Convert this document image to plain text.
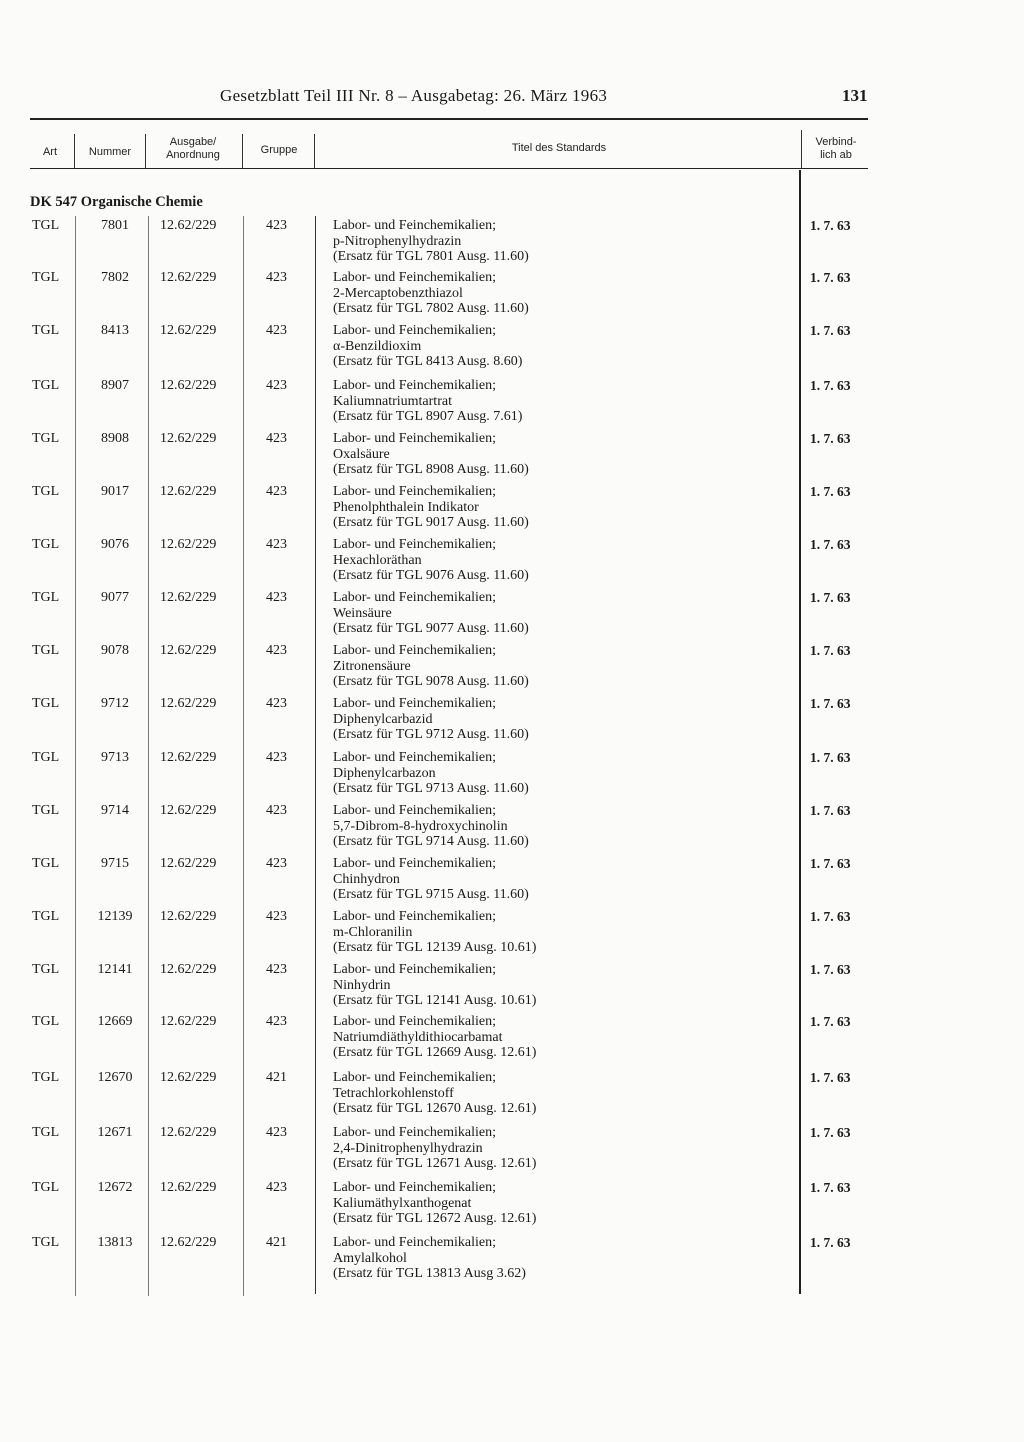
Gesetzblatt Teil III Nr. 8 – Ausgabetag: 26. März 1963	131
Art	Nummer
Ausgabe/
Anordnung	Gruppe	Titel des Standards	Verbind-
lich ab
DK 547 Organische Chemie
TGL	7801	12.62/229	423	Labor- und Feinchemikalien;
p-Nitrophenylhydrazin
(Ersatz für TGL 7801 Ausg. 11.60)
1. 7. 63
TGL	7802	12.62/229	423	Labor- und Feinchemikalien;
2-Mercaptobenzthiazol
(Ersatz für TGL 7802 Ausg. 11.60)
1. 7. 63
TGL	8413	12.62/229	423	Labor- und Feinchemikalien;
α-Benzildioxim
(Ersatz für TGL 8413 Ausg. 8.60)
1. 7. 63
TGL	8907	12.62/229	423	Labor- und Feinchemikalien;
Kaliumnatriumtartrat
(Ersatz für TGL 8907 Ausg. 7.61)
1. 7. 63
TGL	8908	12.62/229	423	Labor- und Feinchemikalien;
Oxalsäure
(Ersatz für TGL 8908 Ausg. 11.60)
1. 7. 63
TGL	9017	12.62/229	423	Labor- und Feinchemikalien;
Phenolphthalein Indikator
(Ersatz für TGL 9017 Ausg. 11.60)
1. 7. 63
TGL	9076	12.62/229	423	Labor- und Feinchemikalien;
Hexachloräthan
(Ersatz für TGL 9076 Ausg. 11.60)
1. 7. 63
TGL	9077	12.62/229	423	Labor- und Feinchemikalien;
Weinsäure
(Ersatz für TGL 9077 Ausg. 11.60)
1. 7. 63
TGL	9078	12.62/229	423	Labor- und Feinchemikalien;
Zitronensäure
(Ersatz für TGL 9078 Ausg. 11.60)
1. 7. 63
TGL	9712	12.62/229	423	Labor- und Feinchemikalien;
Diphenylcarbazid
(Ersatz für TGL 9712 Ausg. 11.60)
1. 7. 63
TGL	9713	12.62/229	423	Labor- und Feinchemikalien;
Diphenylcarbazon
(Ersatz für TGL 9713 Ausg. 11.60)
1. 7. 63
TGL	9714	12.62/229	423	Labor- und Feinchemikalien;
5,7-Dibrom-8-hydroxychinolin
(Ersatz für TGL 9714 Ausg. 11.60)
1. 7. 63
TGL	9715	12.62/229	423	Labor- und Feinchemikalien;
Chinhydron
(Ersatz für TGL 9715 Ausg. 11.60)
1. 7. 63
TGL	12139	12.62/229	423	Labor- und Feinchemikalien;
m-Chloranilin
(Ersatz für TGL 12139 Ausg. 10.61)
1. 7. 63
TGL	12141	12.62/229	423	Labor- und Feinchemikalien;
Ninhydrin
(Ersatz für TGL 12141 Ausg. 10.61)
1. 7. 63
TGL	12669	12.62/229	423	Labor- und Feinchemikalien;
Natriumdiäthyldithiocarbamat
(Ersatz für TGL 12669 Ausg. 12.61)
1. 7. 63
TGL	12670	12.62/229	421	Labor- und Feinchemikalien;
Tetrachlorkohlenstoff
(Ersatz für TGL 12670 Ausg. 12.61)
1. 7. 63
TGL	12671	12.62/229	423	Labor- und Feinchemikalien;
2,4-Dinitrophenylhydrazin
(Ersatz für TGL 12671 Ausg. 12.61)
1. 7. 63
TGL	12672	12.62/229	423	Labor- und Feinchemikalien;
Kaliumäthylxanthogenat
(Ersatz für TGL 12672 Ausg. 12.61)
1. 7. 63
TGL	13813	12.62/229	421	Labor- und Feinchemikalien;
Amylalkohol
(Ersatz für TGL 13813 Ausg 3.62)
1. 7. 63
